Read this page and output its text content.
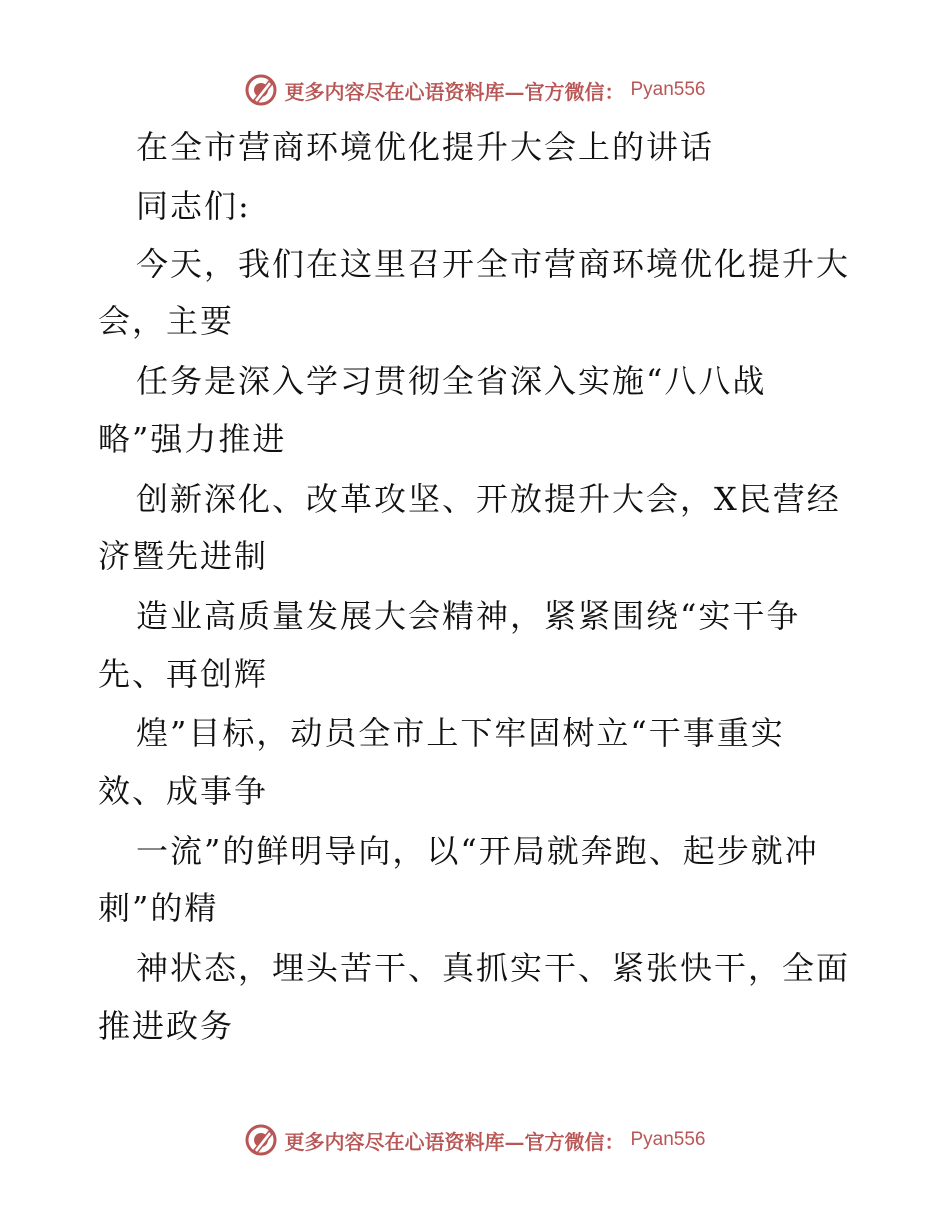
更多内容尽在心语资料库—官方微信： Pyan556
在全市营商环境优化提升大会上的讲话
同志们:
今天，我们在这里召开全市营商环境优化提升大
会，主要
任务是深入学习贯彻全省深入实施“八八战
略”强力推进
创新深化、改革攻坚、开放提升大会，X民营经
济暨先进制
造业高质量发展大会精神，紧紧围绕“实干争
先、再创辉
煌”目标，动员全市上下牢固树立“干事重实
效、成事争
一流”的鲜明导向，以“开局就奔跑、起步就冲
刺”的精
神状态，埋头苦干、真抓实干、紧张快干，全面
推进政务
更多内容尽在心语资料库—官方微信： Pyan556
